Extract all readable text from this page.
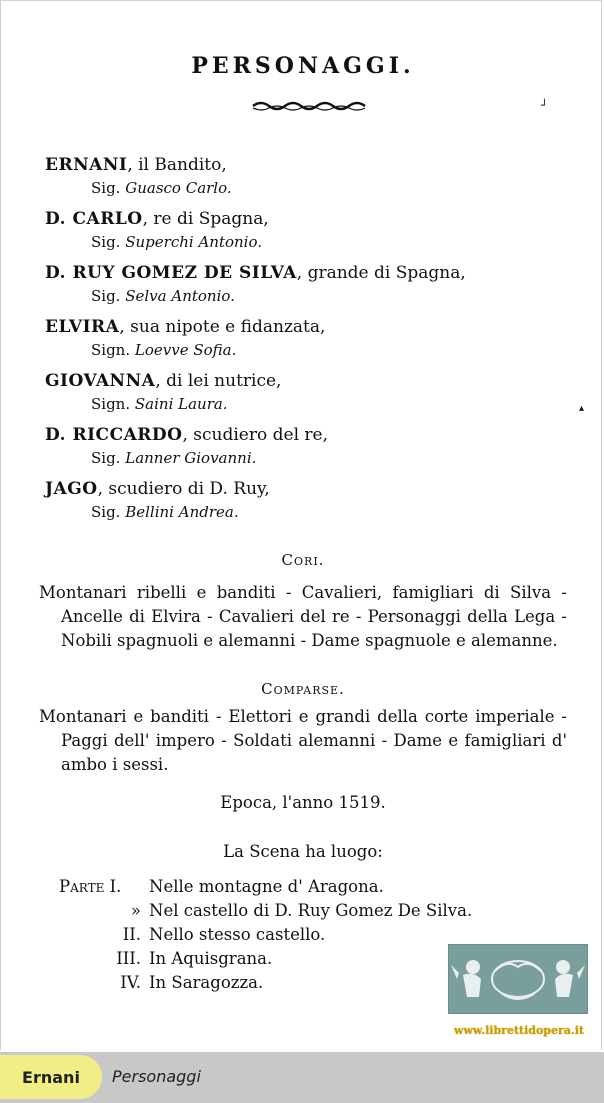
PERSONAGGI.
┘
▴
ERNANI, il Bandito,
Sig. Guasco Carlo.
D. CARLO, re di Spagna,
Sig. Superchi Antonio.
D. RUY GOMEZ DE SILVA, grande di Spagna,
Sig. Selva Antonio.
ELVIRA, sua nipote e fidanzata,
Sign. Loevve Sofia.
GIOVANNA, di lei nutrice,
Sign. Saini Laura.
D. RICCARDO, scudiero del re,
Sig. Lanner Giovanni.
JAGO, scudiero di D. Ruy,
Sig. Bellini Andrea.
Cori.
Montanari ribelli e banditi - Cavalieri, famigliari di Silva - Ancelle di Elvira - Cavalieri del re - Personaggi della Lega - Nobili spagnuoli e alemanni - Dame spagnuole e alemanne.
Comparse.
Montanari e banditi - Elettori e grandi della corte imperiale - Paggi dell' impero - Soldati alemanni - Dame e famigliari d' ambo i sessi.
Epoca, l'anno 1519.
La Scena ha luogo:
Parte I. Nelle montagne d' Aragona.
» Nel castello di D. Ruy Gomez De Silva.
II. Nello stesso castello.
III. In Aquisgrana.
IV. In Saragozza.
www.librettidopera.it
Ernani Personaggi
